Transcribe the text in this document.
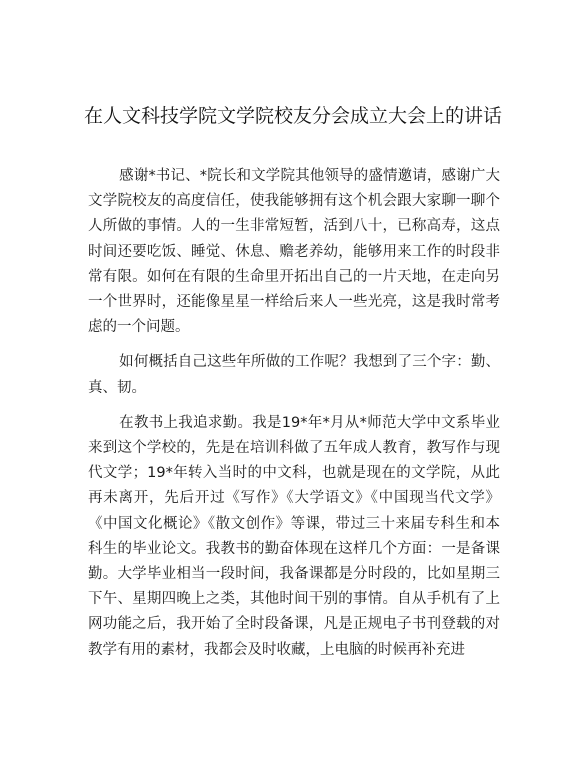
在人文科技学院文学院校友分会成立大会上的讲话

感谢*书记、*院长和文学院其他领导的盛情邀请，感谢广大文学院校友的高度信任，使我能够拥有这个机会跟大家聊一聊个人所做的事情。人的一生非常短暂，活到八十，已称高寿，这点时间还要吃饭、睡觉、休息、赡老养幼，能够用来工作的时段非常有限。如何在有限的生命里开拓出自己的一片天地，在走向另一个世界时，还能像星星一样给后来人一些光亮，这是我时常考虑的一个问题。

如何概括自己这些年所做的工作呢？我想到了三个字：勤、真、韧。

在教书上我追求勤。我是19*年*月从*师范大学中文系毕业来到这个学校的，先是在培训科做了五年成人教育，教写作与现代文学；19*年转入当时的中文科，也就是现在的文学院，从此再未离开，先后开过《写作》《大学语文》《中国现当代文学》《中国文化概论》《散文创作》等课，带过三十来届专科生和本科生的毕业论文。我教书的勤奋体现在这样几个方面：一是备课勤。大学毕业相当一段时间，我备课都是分时段的，比如星期三下午、星期四晚上之类，其他时间干别的事情。自从手机有了上网功能之后，我开始了全时段备课，凡是正规电子书刊登载的对教学有用的素材，我都会及时收藏，上电脑的时候再补充进
